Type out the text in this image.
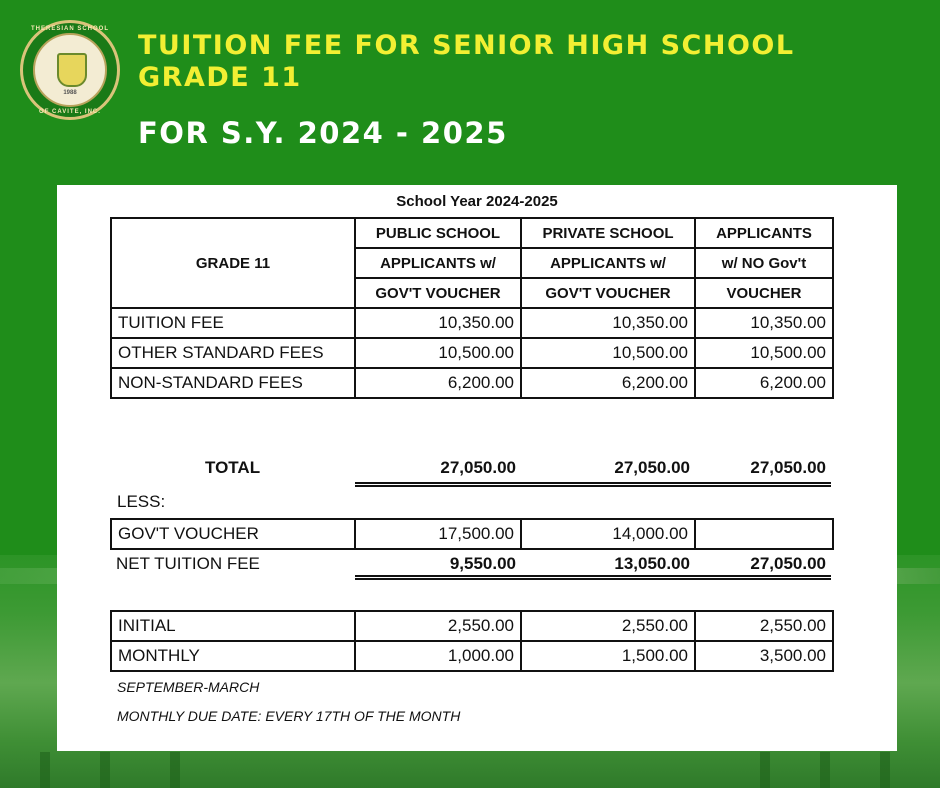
THERESIAN SCHOOL
1988
OF CAVITE, INC.
TUITION FEE FOR SENIOR HIGH SCHOOL
GRADE 11
FOR S.Y. 2024 - 2025
School Year 2024-2025
GRADE 11	PUBLIC SCHOOL	PRIVATE SCHOOL	APPLICANTS
	APPLICANTS w/	APPLICANTS w/	w/ NO Gov't
	GOV'T VOUCHER	GOV'T VOUCHER	VOUCHER
TUITION FEE	10,350.00	10,350.00	10,350.00
OTHER STANDARD FEES	10,500.00	10,500.00	10,500.00
NON-STANDARD FEES	6,200.00	6,200.00	6,200.00
TOTAL	27,050.00	27,050.00	27,050.00
LESS:
GOV'T VOUCHER	17,500.00	14,000.00	
NET TUITION FEE	9,550.00	13,050.00	27,050.00
INITIAL	2,550.00	2,550.00	2,550.00
MONTHLY	1,000.00	1,500.00	3,500.00
SEPTEMBER-MARCH
MONTHLY DUE DATE: EVERY 17TH OF THE MONTH
